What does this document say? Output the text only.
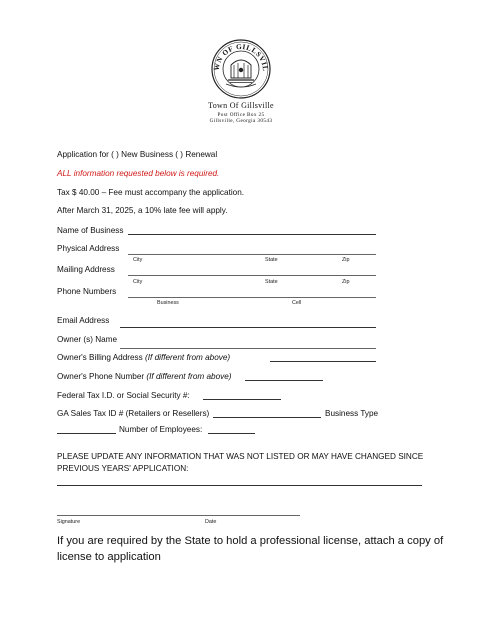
WN OF GILLSVIL
Town Of Gillsville
Post Office Box 25
Gillsville, Georgia 30543
Application for ( ) New Business ( ) Renewal
ALL information requested below is required.
Tax $ 40.00 – Fee must accompany the application.
After March 31, 2025, a 10% late fee will apply.
Name of Business
Physical Address
City	State	Zip
Mailing Address
City	State	Zip
Phone Numbers
Business	Cell
Email Address
Owner (s) Name
Owner's Billing Address (If different from above)
Owner's Phone Number (If different from above)
Federal Tax I.D. or Social Security #:
GA Sales Tax ID # (Retailers or Resellers)	Business Type
Number of Employees:
PLEASE UPDATE ANY INFORMATION THAT WAS NOT LISTED OR MAY HAVE CHANGED SINCE
PREVIOUS YEARS' APPLICATION:
Signature	Date
If you are required by the State to hold a professional license, attach a copy of
license to application
